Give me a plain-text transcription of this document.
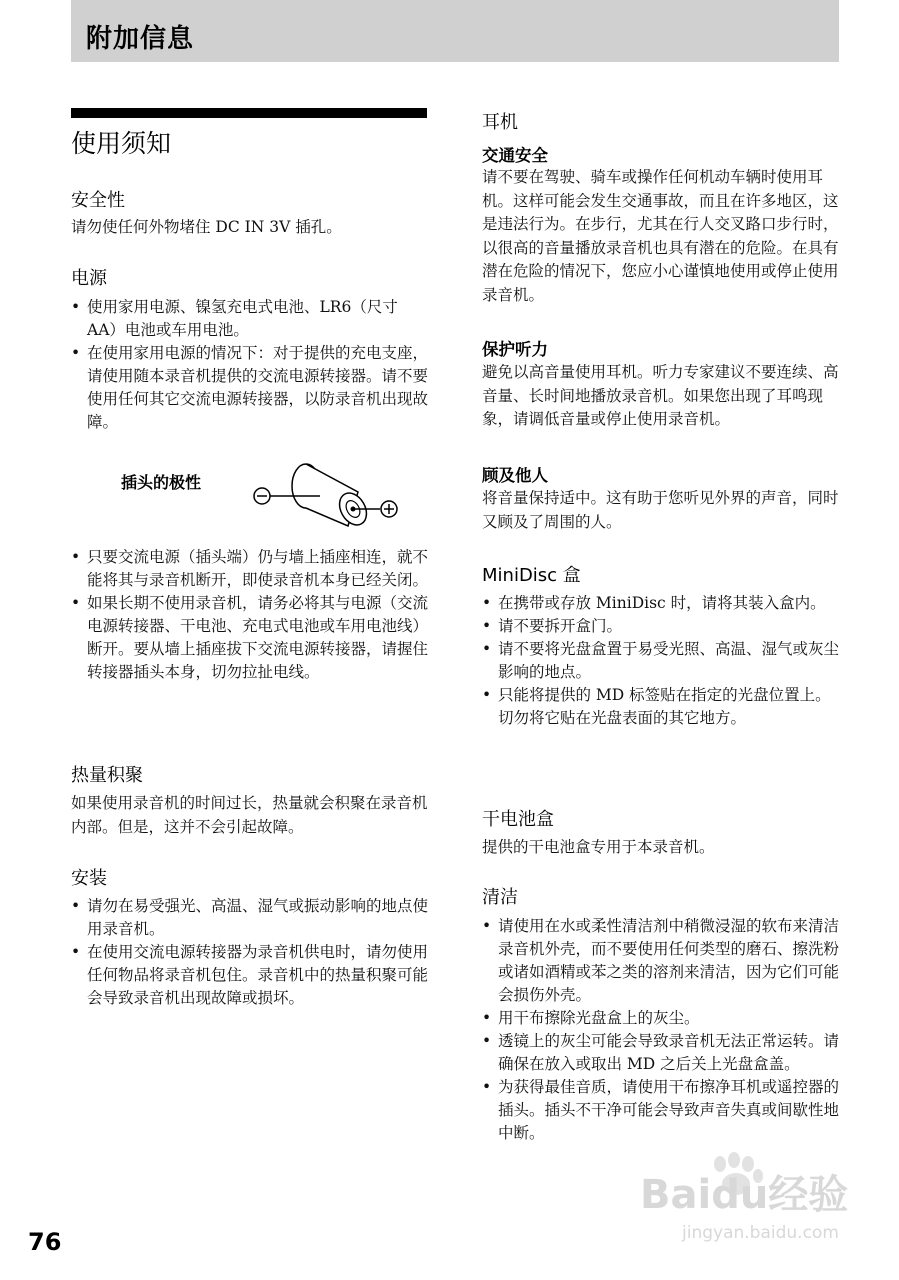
附加信息
使用须知
安全性
请勿使任何外物堵住 DC IN 3V 插孔。
电源
• 使用家用电源、镍氢充电式电池、LR6（尺寸 AA）电池或车用电池。
• 在使用家用电源的情况下：对于提供的充电支座，请使用随本录音机提供的交流电源转接器。请不要使用任何其它交流电源转接器，以防录音机出现故障。
插头的极性
• 只要交流电源（插头端）仍与墙上插座相连，就不能将其与录音机断开，即使录音机本身已经关闭。
• 如果长期不使用录音机，请务必将其与电源（交流电源转接器、干电池、充电式电池或车用电池线）断开。要从墙上插座拔下交流电源转接器，请握住转接器插头本身，切勿拉扯电线。
热量积聚
如果使用录音机的时间过长，热量就会积聚在录音机内部。但是，这并不会引起故障。
安装
• 请勿在易受强光、高温、湿气或振动影响的地点使用录音机。
• 在使用交流电源转接器为录音机供电时，请勿使用任何物品将录音机包住。录音机中的热量积聚可能会导致录音机出现故障或损坏。
耳机
交通安全
请不要在驾驶、骑车或操作任何机动车辆时使用耳机。这样可能会发生交通事故，而且在许多地区，这是违法行为。在步行，尤其在行人交叉路口步行时，以很高的音量播放录音机也具有潜在的危险。在具有潜在危险的情况下，您应小心谨慎地使用或停止使用录音机。
保护听力
避免以高音量使用耳机。听力专家建议不要连续、高音量、长时间地播放录音机。如果您出现了耳鸣现象，请调低音量或停止使用录音机。
顾及他人
将音量保持适中。这有助于您听见外界的声音，同时又顾及了周围的人。
MiniDisc 盒
• 在携带或存放 MiniDisc 时，请将其装入盒内。
• 请不要拆开盒门。
• 请不要将光盘盒置于易受光照、高温、湿气或灰尘影响的地点。
• 只能将提供的 MD 标签贴在指定的光盘位置上。切勿将它贴在光盘表面的其它地方。
干电池盒
提供的干电池盒专用于本录音机。
清洁
• 请使用在水或柔性清洁剂中稍微浸湿的软布来清洁录音机外壳，而不要使用任何类型的磨石、擦洗粉或诸如酒精或苯之类的溶剂来清洁，因为它们可能会损伤外壳。
• 用干布擦除光盘盒上的灰尘。
• 透镜上的灰尘可能会导致录音机无法正常运转。请确保在放入或取出 MD 之后关上光盘盒盖。
• 为获得最佳音质，请使用干布擦净耳机或遥控器的插头。插头不干净可能会导致声音失真或间歇性地中断。
76
Baidu经验
jingyan.baidu.com
